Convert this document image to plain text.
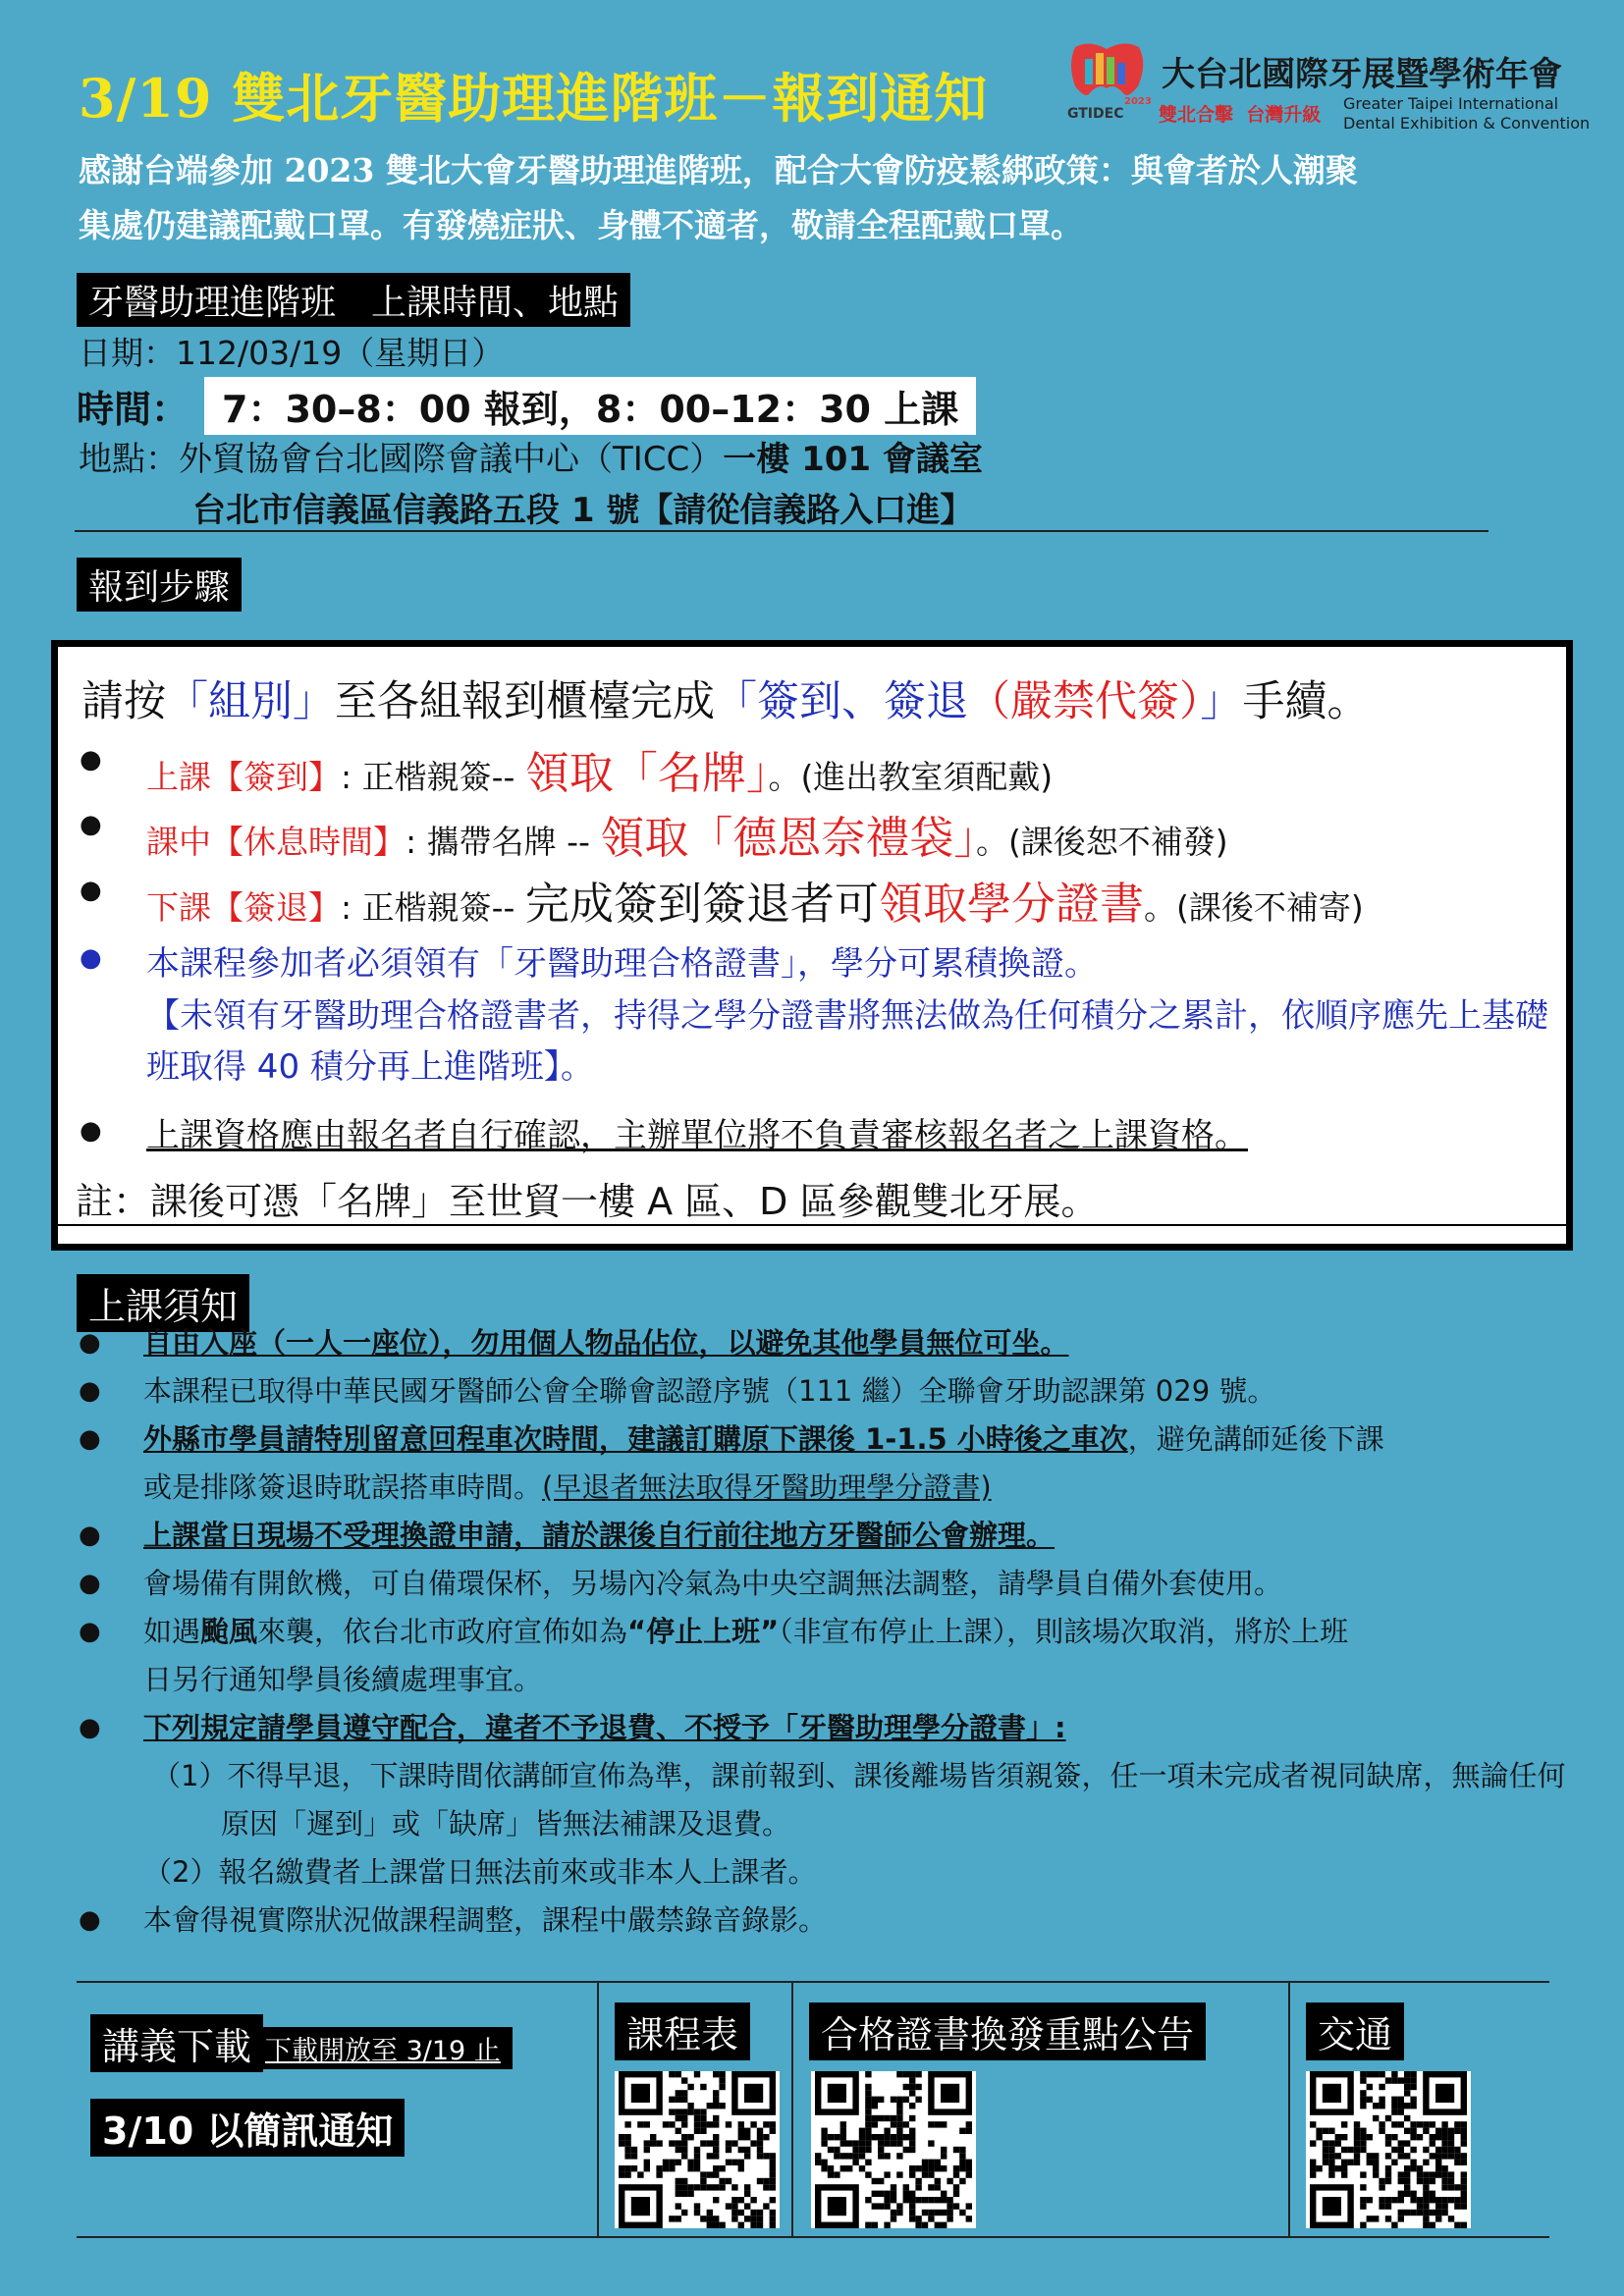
3/19 雙北牙醫助理進階班－報到通知	GTIDEC
2023
大台北國際牙展暨學術年會
雙北合擊 台灣升級
Greater Taipei International
Dental Exhibition & Convention
感謝台端參加 2023 雙北大會牙醫助理進階班，配合大會防疫鬆綁政策：與會者於人潮聚
集處仍建議配戴口罩。有發燒症狀、身體不適者，敬請全程配戴口罩。
牙醫助理進階班　上課時間、地點
日期：112/03/19（星期日）
時間： 7：30–8：00 報到，8：00–12：30 上課
地點：外貿協會台北國際會議中心（TICC）一樓 101 會議室
台北市信義區信義路五段 1 號【請從信義路入口進】
報到步驟
請按「組別」至各組報到櫃檯完成「簽到、簽退（嚴禁代簽）」手續。
● 上課【簽到】: 正楷親簽-- 領取「名牌」。(進出教室須配戴)
● 課中【休息時間】: 攜帶名牌 -- 領取「德恩奈禮袋」。(課後恕不補發)
● 下課【簽退】: 正楷親簽-- 完成簽到簽退者可領取學分證書。(課後不補寄)
● 本課程參加者必須領有「牙醫助理合格證書」，學分可累積換證。
【未領有牙醫助理合格證書者，持得之學分證書將無法做為任何積分之累計，依順序應先上基礎班取得 40 積分再上進階班】。
● 上課資格應由報名者自行確認，主辦單位將不負責審核報名者之上課資格。
註：課後可憑「名牌」至世貿一樓 A 區、D 區參觀雙北牙展。
上課須知
● 自由入座（一人一座位），勿用個人物品佔位，以避免其他學員無位可坐。
● 本課程已取得中華民國牙醫師公會全聯會認證序號（111 繼）全聯會牙助認課第 029 號。
● 外縣市學員請特別留意回程車次時間，建議訂購原下課後 1-1.5 小時後之車次，避免講師延後下課
或是排隊簽退時耽誤搭車時間。(早退者無法取得牙醫助理學分證書)
● 上課當日現場不受理換證申請，請於課後自行前往地方牙醫師公會辦理。
● 會場備有開飲機，可自備環保杯，另場內冷氣為中央空調無法調整，請學員自備外套使用。
● 如遇颱風來襲，依台北市政府宣佈如為“停止上班”（非宣布停止上課），則該場次取消，將於上班
日另行通知學員後續處理事宜。
● 下列規定請學員遵守配合，違者不予退費、不授予「牙醫助理學分證書」:
（1）不得早退，下課時間依講師宣佈為準，課前報到、課後離場皆須親簽，任一項未完成者視同缺席，無論任何原因「遲到」或「缺席」皆無法補課及退費。
（2）報名繳費者上課當日無法前來或非本人上課者。
● 本會得視實際狀況做課程調整，課程中嚴禁錄音錄影。
講義下載 下載開放至 3/19 止
3/10 以簡訊通知
課程表	合格證書換發重點公告	交通
